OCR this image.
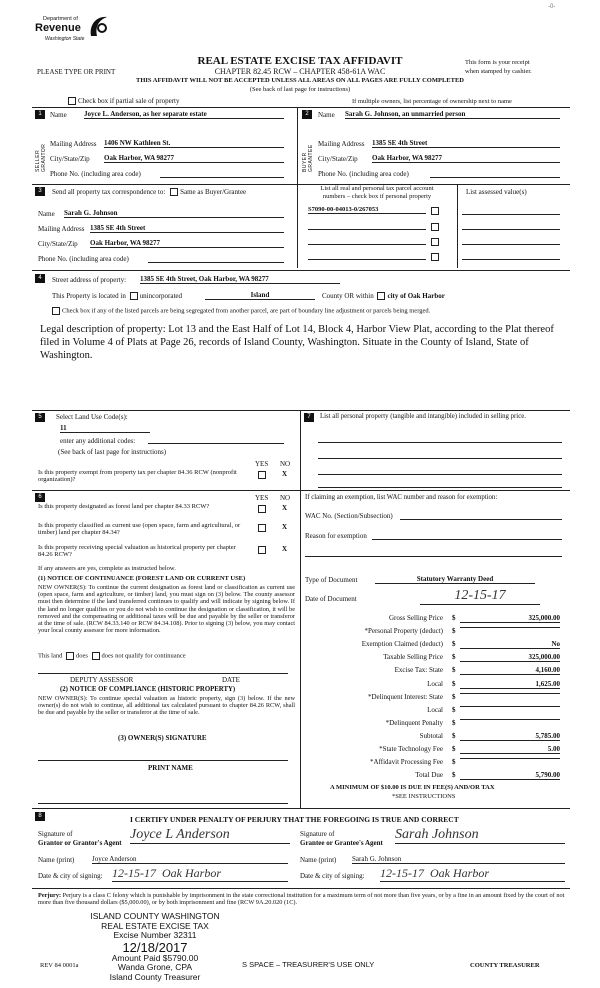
-0-
Department of
Revenue
Washington State
REAL ESTATE EXCISE TAX AFFIDAVIT
CHAPTER 82.45 RCW – CHAPTER 458-61A WAC
PLEASE TYPE OR PRINT
This form is your receipt
when stamped by cashier.
THIS AFFIDAVIT WILL NOT BE ACCEPTED UNLESS ALL AREAS ON ALL PAGES ARE FULLY COMPLETED
(See back of last page for instructions)
Check box if partial sale of property	If multiple owners, list percentage of ownership next to name
1
SELLER GRANTOR
Name Joyce L. Anderson, as her separate estate
Mailing Address 1406 NW Kathleen St.
City/State/Zip Oak Harbor, WA 98277
Phone No. (including area code)
2
BUYER GRANTEE
Name Sarah G. Johnson, an unmarried person
Mailing Address 1385 SE 4th Street
City/State/Zip Oak Harbor, WA 98277
Phone No. (including area code)
3	Send all property tax correspondence to: Same as Buyer/Grantee
Name Sarah G. Johnson
Mailing Address 1385 SE 4th Street
City/State/Zip Oak Harbor, WA 98277
Phone No. (including area code)
List all real and personal tax parcel account
numbers – check box if personal property
List assessed value(s)
S7090-00-04013-0/267053
4	Street address of property: 1385 SE 4th Street, Oak Harbor, WA 98277
This Property is located in unincorporated	Island	County OR within city of Oak Harbor
Check box if any of the listed parcels are being segregated from another parcel, are part of boundary line adjustment or parcels being merged.
Legal description of property: Lot 13 and the East Half of Lot 14, Block 4, Harbor View Plat, according to the Plat thereof filed in Volume 4 of Plats at Page 26, records of Island County, Washington. Situate in the County of Island, State of Washington.
5	Select Land Use Code(s):
11
enter any additional codes:
(See back of last page for instructions)
YES NO
Is this property exempt from property tax per chapter 84.36 RCW (nonprofit organization)?
X
6	YES NO
Is this property designated as forest land per chapter 84.33 RCW?	X
Is this property classified as current use (open space, farm and agricultural, or timber) land per chapter 84.34?
X
Is this property receiving special valuation as historical property per chapter 84.26 RCW?
X
If any answers are yes, complete as instructed below.
(1) NOTICE OF CONTINUANCE (FOREST LAND OR CURRENT USE)
NEW OWNER(S): To continue the current designation as forest land or classification as current use (open space, farm and agriculture, or timber) land, you must sign on (3) below. The county assessor must then determine if the land transferred continues to qualify and will indicate by signing below. If the land no longer qualifies or you do not wish to continue the designation or classification, it will be removed and the compensating or additional taxes will be due and payable by the seller or transferor at the time of sale. (RCW 84.33.140 or RCW 84.34.108). Prior to signing (3) below, you may contact your local county assessor for more information.
This land does does not qualify for continuance
DEPUTY ASSESSOR	DATE
(2) NOTICE OF COMPLIANCE (HISTORIC PROPERTY)
NEW OWNER(S): To continue special valuation as historic property, sign (3) below. If the new owner(s) do not wish to continue, all additional tax calculated pursuant to chapter 84.26 RCW, shall be due and payable by the seller or transferor at the time of sale.
(3) OWNER(S) SIGNATURE
PRINT NAME
7	List all personal property (tangible and intangible) included in selling price.
If claiming an exemption, list WAC number and reason for exemption:
WAC No. (Section/Subsection)
Reason for exemption
Type of Document	Statutory Warranty Deed
Date of Document	12-15-17
Gross Selling Price $	325,000.00
*Personal Property (deduct) $
Exemption Claimed (deduct) $	No
Taxable Selling Price $	325,000.00
Excise Tax: State $	4,160.00
Local $	1,625.00
*Delinquent Interest: State $
Local $
*Delinquent Penalty $
Subtotal $	5,785.00
*State Technology Fee $	5.00
*Affidavit Processing Fee $
Total Due $	5,790.00
A MINIMUM OF $10.00 IS DUE IN FEE(S) AND/OR TAX
*SEE INSTRUCTIONS
8	I CERTIFY UNDER PENALTY OF PERJURY THAT THE FOREGOING IS TRUE AND CORRECT
Signature of
Grantor or Grantor's Agent
Joyce L Anderson	Signature of
Grantee or Grantee's Agent
Sarah Johnson
Name (print)	Joyce Anderson	Name (print) Sarah G. Johnson
Date & city of signing: 12-15-17 Oak Harbor	Date & city of signing: 12-15-17 Oak Harbor
Perjury: Perjury is a class C felony which is punishable by imprisonment in the state correctional institution for a maximum term of not more than five years, or by a fine in an amount fixed by the court of not more than five thousand dollars ($5,000.00), or by both imprisonment and fine (RCW 9A.20.020 (1C).
ISLAND COUNTY WASHINGTON
REAL ESTATE EXCISE TAX
Excise Number 32311
12/18/2017
Amount Paid $5790.00
Wanda Grone, CPA
Island County Treasurer
REV 84 0001a	S SPACE – TREASURER'S USE ONLY	COUNTY TREASURER
